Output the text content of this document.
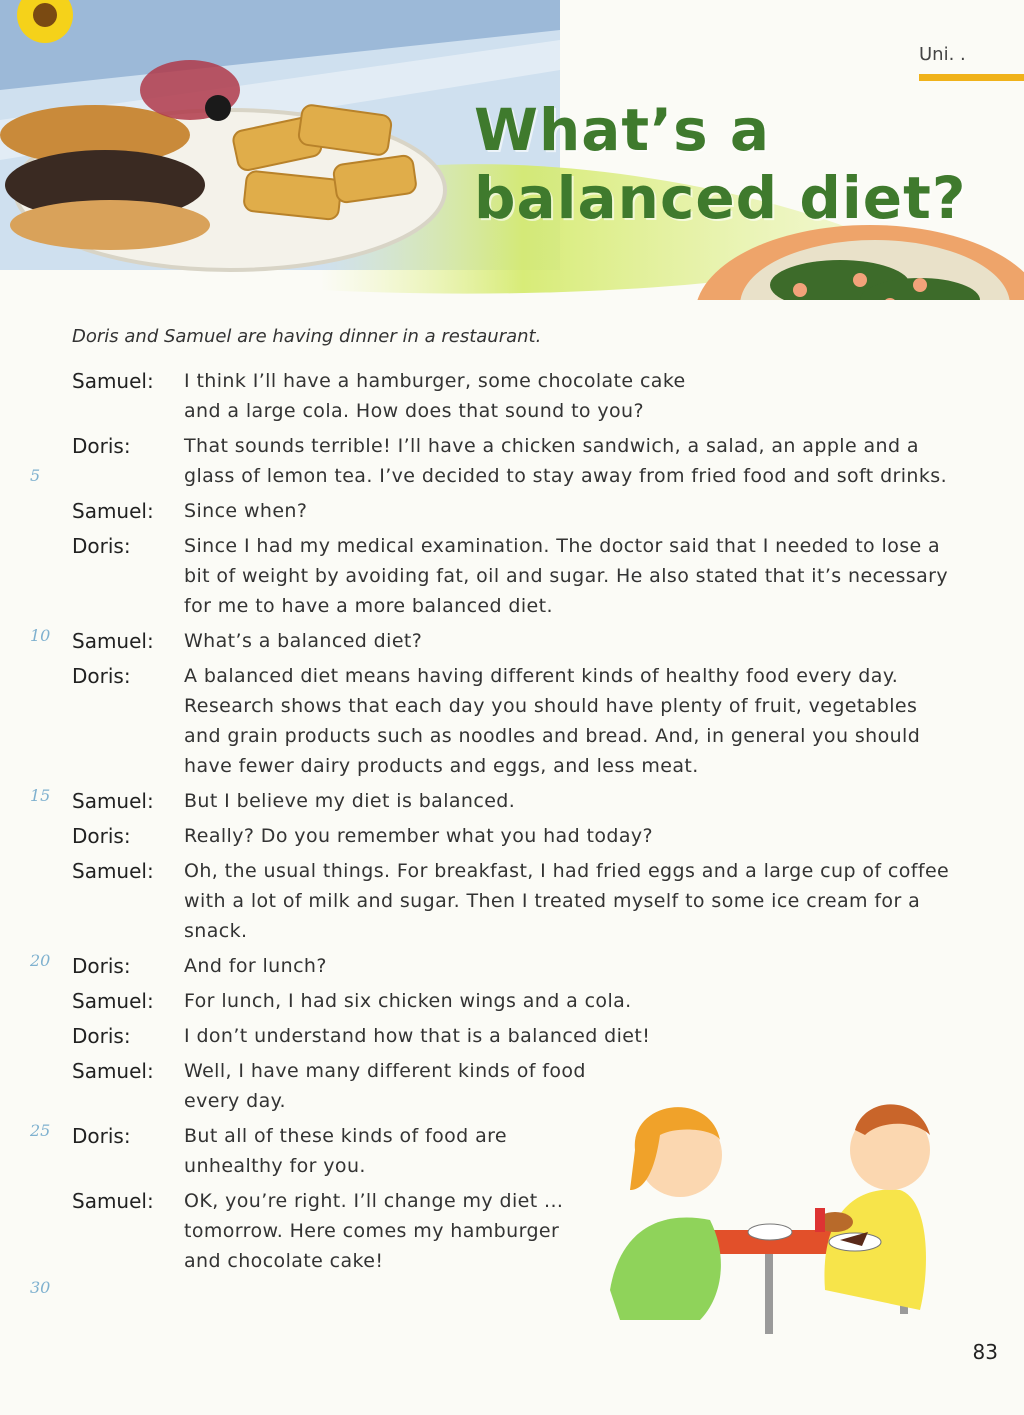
Uni. .
What’s a
balanced diet?
Doris and Samuel are having dinner in a restaurant.
Samuel:	I think I’ll have a hamburger, some chocolate cake and a large cola. How does that sound to you?
Doris:	That sounds terrible! I’ll have a chicken sandwich, a salad, an apple and a glass of lemon tea. I’ve decided to stay away from fried food and soft drinks.
Samuel:	Since when?
Doris:	Since I had my medical examination. The doctor said that I needed to lose a bit of weight by avoiding fat, oil and sugar. He also stated that it’s necessary for me to have a more balanced diet.
Samuel:	What’s a balanced diet?
Doris:	A balanced diet means having different kinds of healthy food every day. Research shows that each day you should have plenty of fruit, vegetables and grain products such as noodles and bread. And, in general you should have fewer dairy products and eggs, and less meat.
Samuel:	But I believe my diet is balanced.
Doris:	Really? Do you remember what you had today?
Samuel:	Oh, the usual things. For breakfast, I had fried eggs and a large cup of coffee with a lot of milk and sugar. Then I treated myself to some ice cream for a snack.
Doris:	And for lunch?
Samuel:	For lunch, I had six chicken wings and a cola.
Doris:	I don’t understand how that is a balanced diet!
Samuel:	Well, I have many different kinds of food every day.
Doris:	But all of these kinds of food are unhealthy for you.
Samuel:	OK, you’re right. I’ll change my diet ... tomorrow. Here comes my hamburger and chocolate cake!
5
10
15
20
25
30
83
